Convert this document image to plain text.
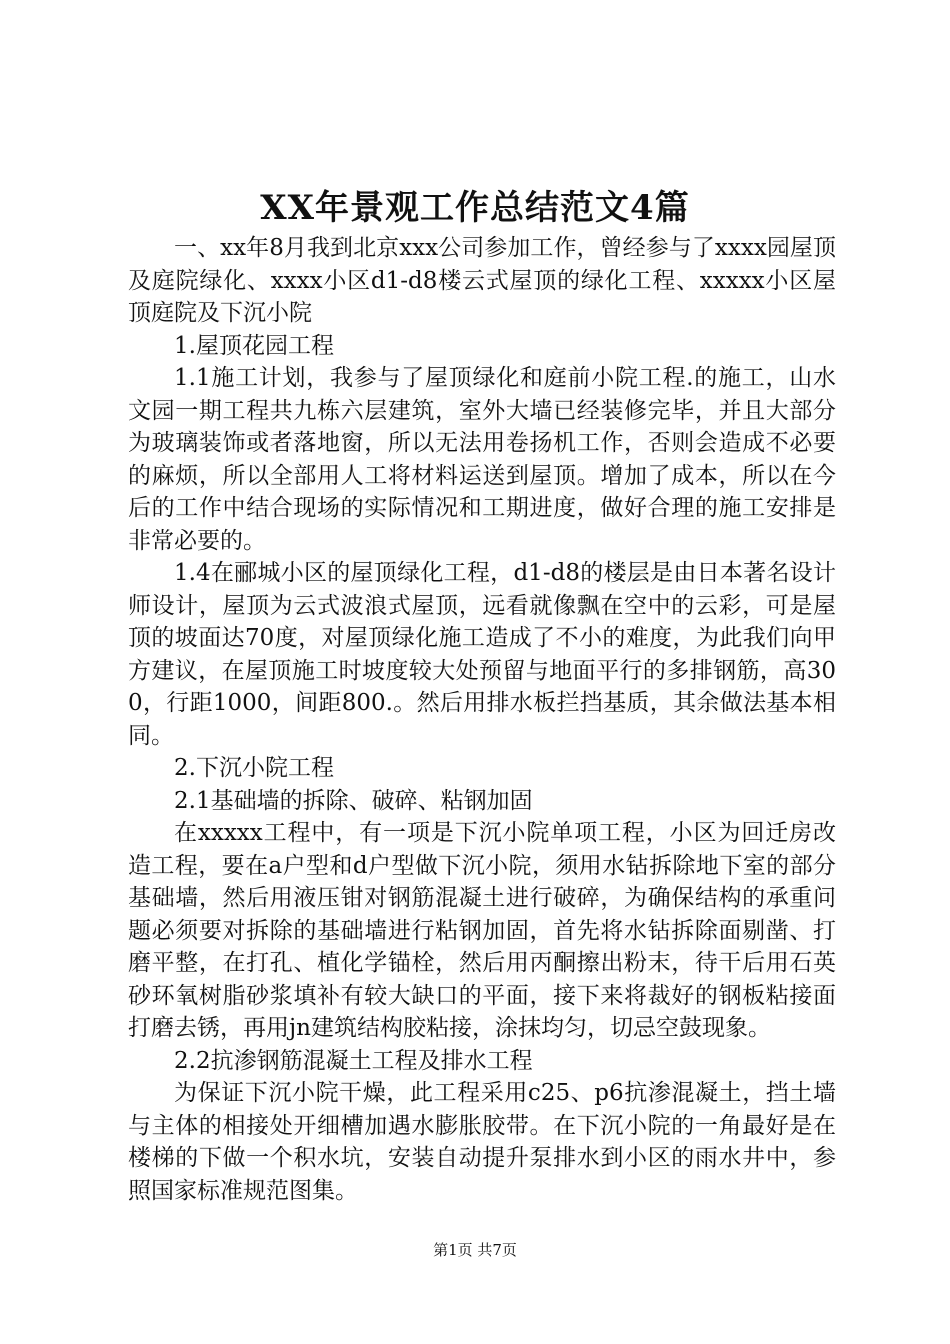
XX年景观工作总结范文4篇

一、xx年8月我到北京xxx公司参加工作，曾经参与了xxxx园屋顶及庭院绿化、xxxx小区d1-d8楼云式屋顶的绿化工程、xxxxx小区屋顶庭院及下沉小院

1.屋顶花园工程

1.1施工计划，我参与了屋顶绿化和庭前小院工程.的施工，山水文园一期工程共九栋六层建筑，室外大墙已经装修完毕，并且大部分为玻璃装饰或者落地窗，所以无法用卷扬机工作，否则会造成不必要的麻烦，所以全部用人工将材料运送到屋顶。增加了成本，所以在今后的工作中结合现场的实际情况和工期进度，做好合理的施工安排是非常必要的。

1.4在郦城小区的屋顶绿化工程，d1-d8的楼层是由日本著名设计师设计，屋顶为云式波浪式屋顶，远看就像飘在空中的云彩，可是屋顶的坡面达70度，对屋顶绿化施工造成了不小的难度，为此我们向甲方建议，在屋顶施工时坡度较大处预留与地面平行的多排钢筋，高300，行距1000，间距800.。然后用排水板拦挡基质，其余做法基本相同。

2.下沉小院工程

2.1基础墙的拆除、破碎、粘钢加固

在xxxxx工程中，有一项是下沉小院单项工程，小区为回迁房改造工程，要在a户型和d户型做下沉小院，须用水钻拆除地下室的部分基础墙，然后用液压钳对钢筋混凝土进行破碎，为确保结构的承重问题必须要对拆除的基础墙进行粘钢加固，首先将水钻拆除面剔凿、打磨平整，在打孔、植化学锚栓，然后用丙酮擦出粉末，待干后用石英砂环氧树脂砂浆填补有较大缺口的平面，接下来将裁好的钢板粘接面打磨去锈，再用jn建筑结构胶粘接，涂抹均匀，切忌空鼓现象。

2.2抗渗钢筋混凝土工程及排水工程

为保证下沉小院干燥，此工程采用c25、p6抗渗混凝土，挡土墙与主体的相接处开细槽加遇水膨胀胶带。在下沉小院的一角最好是在楼梯的下做一个积水坑，安装自动提升泵排水到小区的雨水井中，参照国家标准规范图集。

第1页 共7页
